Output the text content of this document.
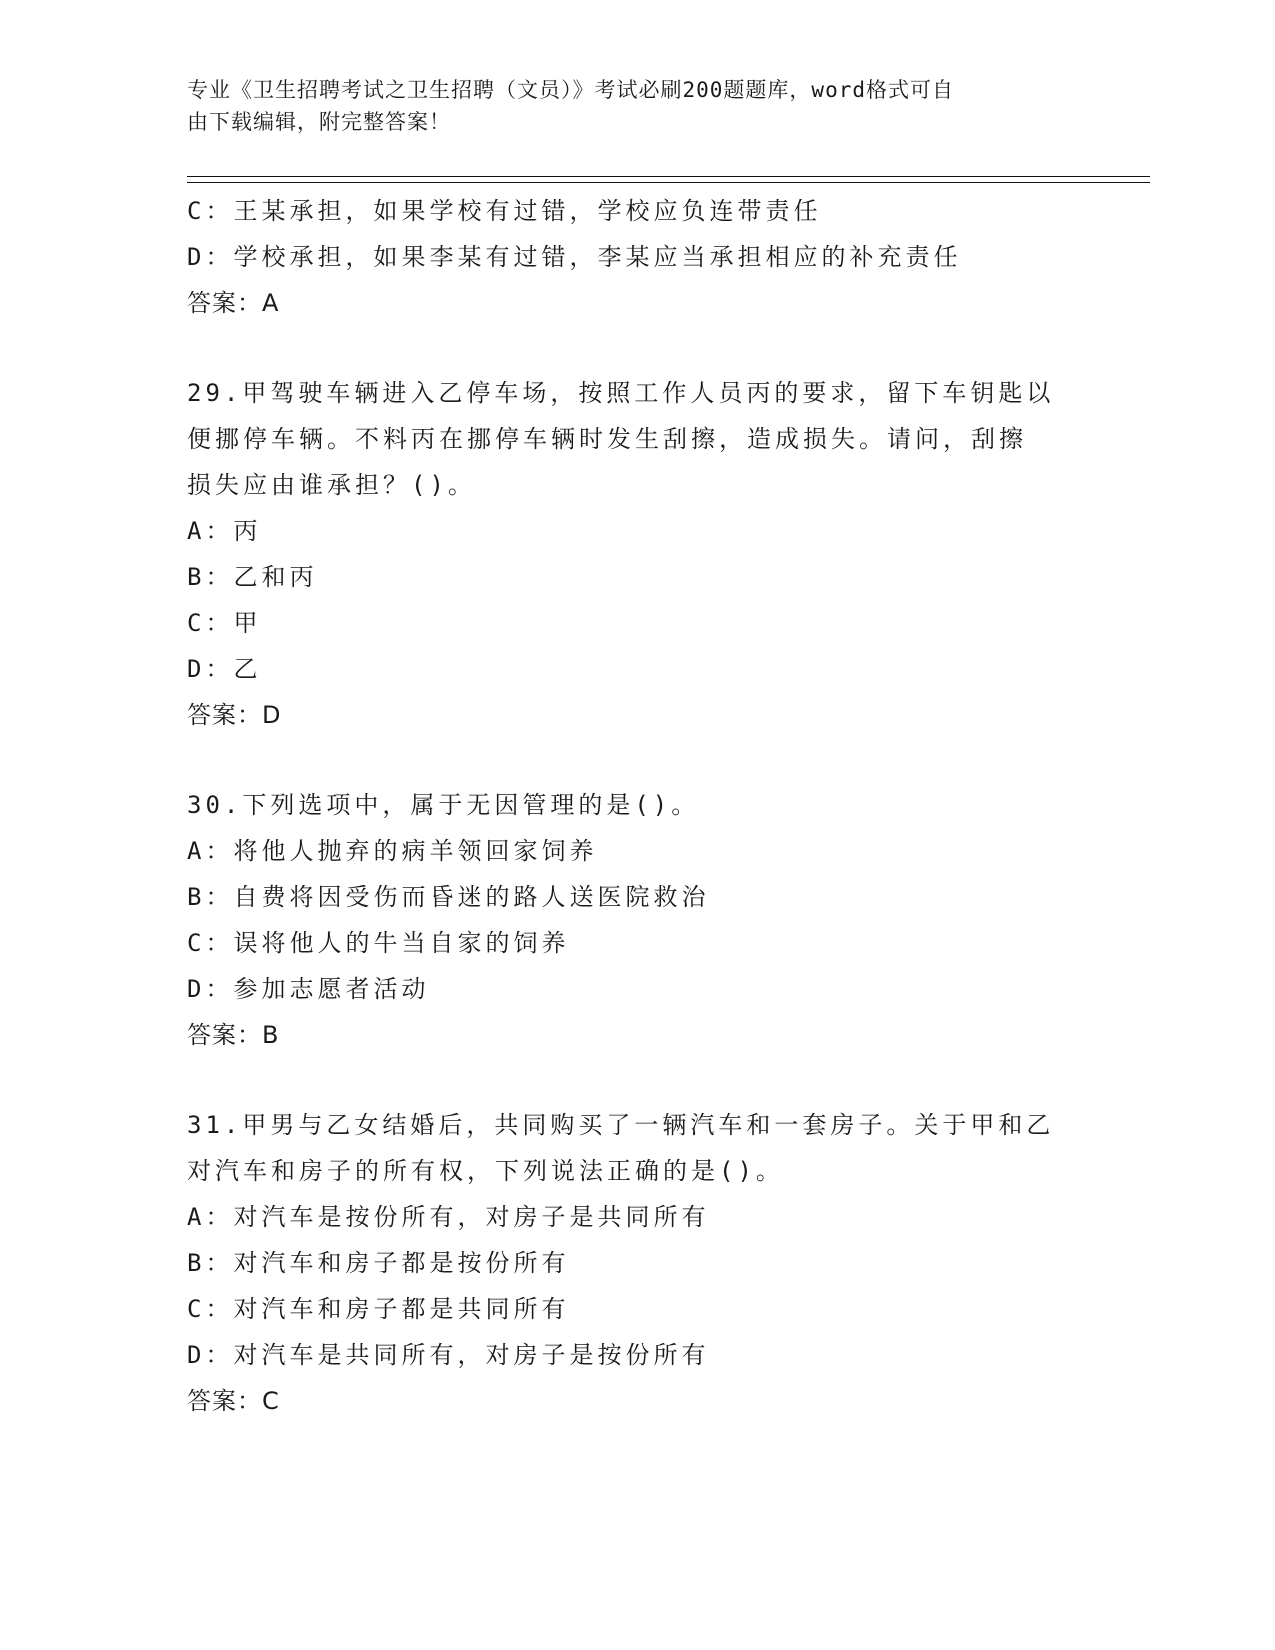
专业《卫生招聘考试之卫生招聘（文员）》考试必刷200题题库，word格式可自
由下载编辑，附完整答案！
C：王某承担，如果学校有过错，学校应负连带责任
D：学校承担，如果李某有过错，李某应当承担相应的补充责任
答案：A
29.甲驾驶车辆进入乙停车场，按照工作人员丙的要求，留下车钥匙以
便挪停车辆。不料丙在挪停车辆时发生刮擦，造成损失。请问，刮擦
损失应由谁承担？()。
A：丙
B：乙和丙
C：甲
D：乙
答案：D
30.下列选项中，属于无因管理的是()。
A：将他人抛弃的病羊领回家饲养
B：自费将因受伤而昏迷的路人送医院救治
C：误将他人的牛当自家的饲养
D：参加志愿者活动
答案：B
31.甲男与乙女结婚后，共同购买了一辆汽车和一套房子。关于甲和乙
对汽车和房子的所有权，下列说法正确的是()。
A：对汽车是按份所有，对房子是共同所有
B：对汽车和房子都是按份所有
C：对汽车和房子都是共同所有
D：对汽车是共同所有，对房子是按份所有
答案：C
